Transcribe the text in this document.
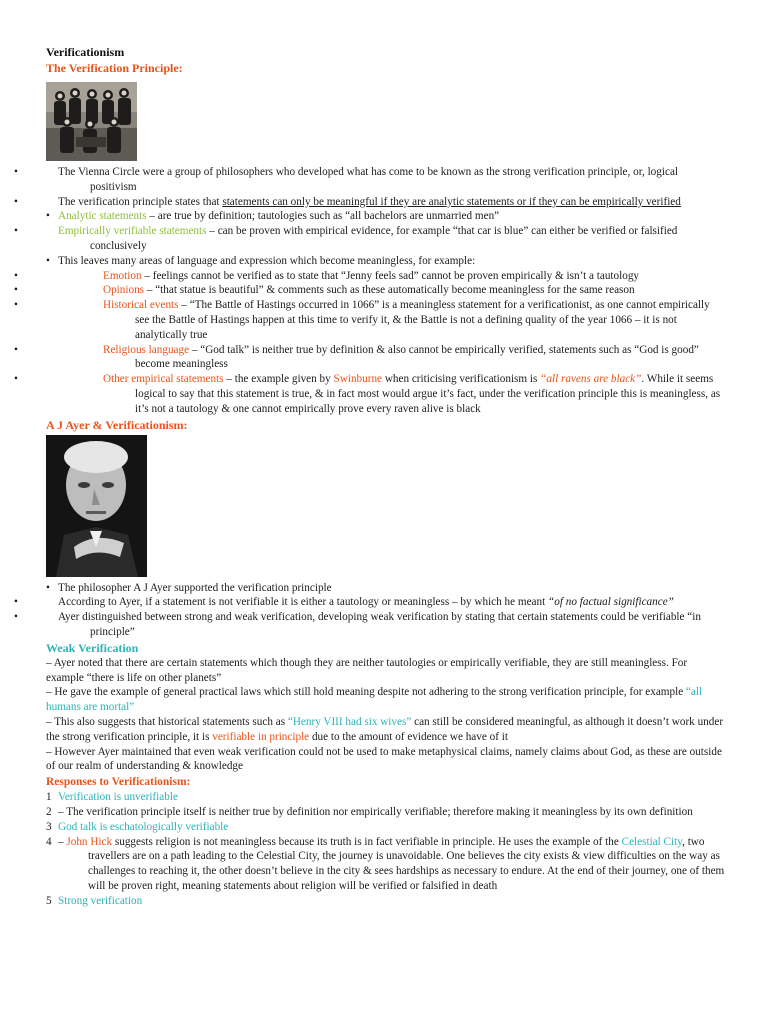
Verificationism
The Verification Principle:
• The Vienna Circle were a group of philosophers who developed what has come to be known as the strong verification principle, or, logical positivism
• The verification principle states that statements can only be meaningful if they are analytic statements or if they can be empirically verified
• Analytic statements – are true by definition; tautologies such as “all bachelors are unmarried men”
• Empirically verifiable statements – can be proven with empirical evidence, for example “that car is blue” can either be verified or falsified conclusively
• This leaves many areas of language and expression which become meaningless, for example:
• Emotion – feelings cannot be verified as to state that “Jenny feels sad” cannot be proven empirically & isn’t a tautology
• Opinions – “that statue is beautiful” & comments such as these automatically become meaningless for the same reason
• Historical events – “The Battle of Hastings occurred in 1066” is a meaningless statement for a verificationist, as one cannot empirically see the Battle of Hastings happen at this time to verify it, & the Battle is not a defining quality of the year 1066 – it is not analytically true
• Religious language – “God talk” is neither true by definition & also cannot be empirically verified, statements such as “God is good” become meaningless
• Other empirical statements – the example given by Swinburne when criticising verificationism is “all ravens are black”. While it seems logical to say that this statement is true, & in fact most would argue it’s fact, under the verification principle this is meaningless, as it’s not a tautology & one cannot empirically prove every raven alive is black
A J Ayer & Verificationism:
• The philosopher A J Ayer supported the verification principle
• According to Ayer, if a statement is not verifiable it is either a tautology or meaningless – by which he meant “of no factual significance”
• Ayer distinguished between strong and weak verification, developing weak verification by stating that certain statements could be verifiable “in principle”
Weak Verification

– Ayer noted that there are certain statements which though they are neither tautologies or empirically verifiable, they are still meaningless. For example “there is life on other planets”

– He gave the example of general practical laws which still hold meaning despite not adhering to the strong verification principle, for example “all humans are mortal”

– This also suggests that historical statements such as “Henry VIII had six wives” can still be considered meaningful, as although it doesn’t work under the strong verification principle, it is verifiable in principle due to the amount of evidence we have of it

– However Ayer maintained that even weak verification could not be used to make metaphysical claims, namely claims about God, as these are outside of our realm of understanding & knowledge

Responses to Verificationism:
1 Verification is unverifiable
2 – The verification principle itself is neither true by definition nor empirically verifiable; therefore making it meaningless by its own definition
3 God talk is eschatologically verifiable
4 – John Hick suggests religion is not meaningless because its truth is in fact verifiable in principle. He uses the example of the Celestial City, two travellers are on a path leading to the Celestial City, the journey is unavoidable. One believes the city exists & view difficulties on the way as challenges to reaching it, the other doesn’t believe in the city & sees hardships as necessary to endure. At the end of their journey, one of them will be proven right, meaning statements about religion will be verified or falsified in death
5 Strong verification
